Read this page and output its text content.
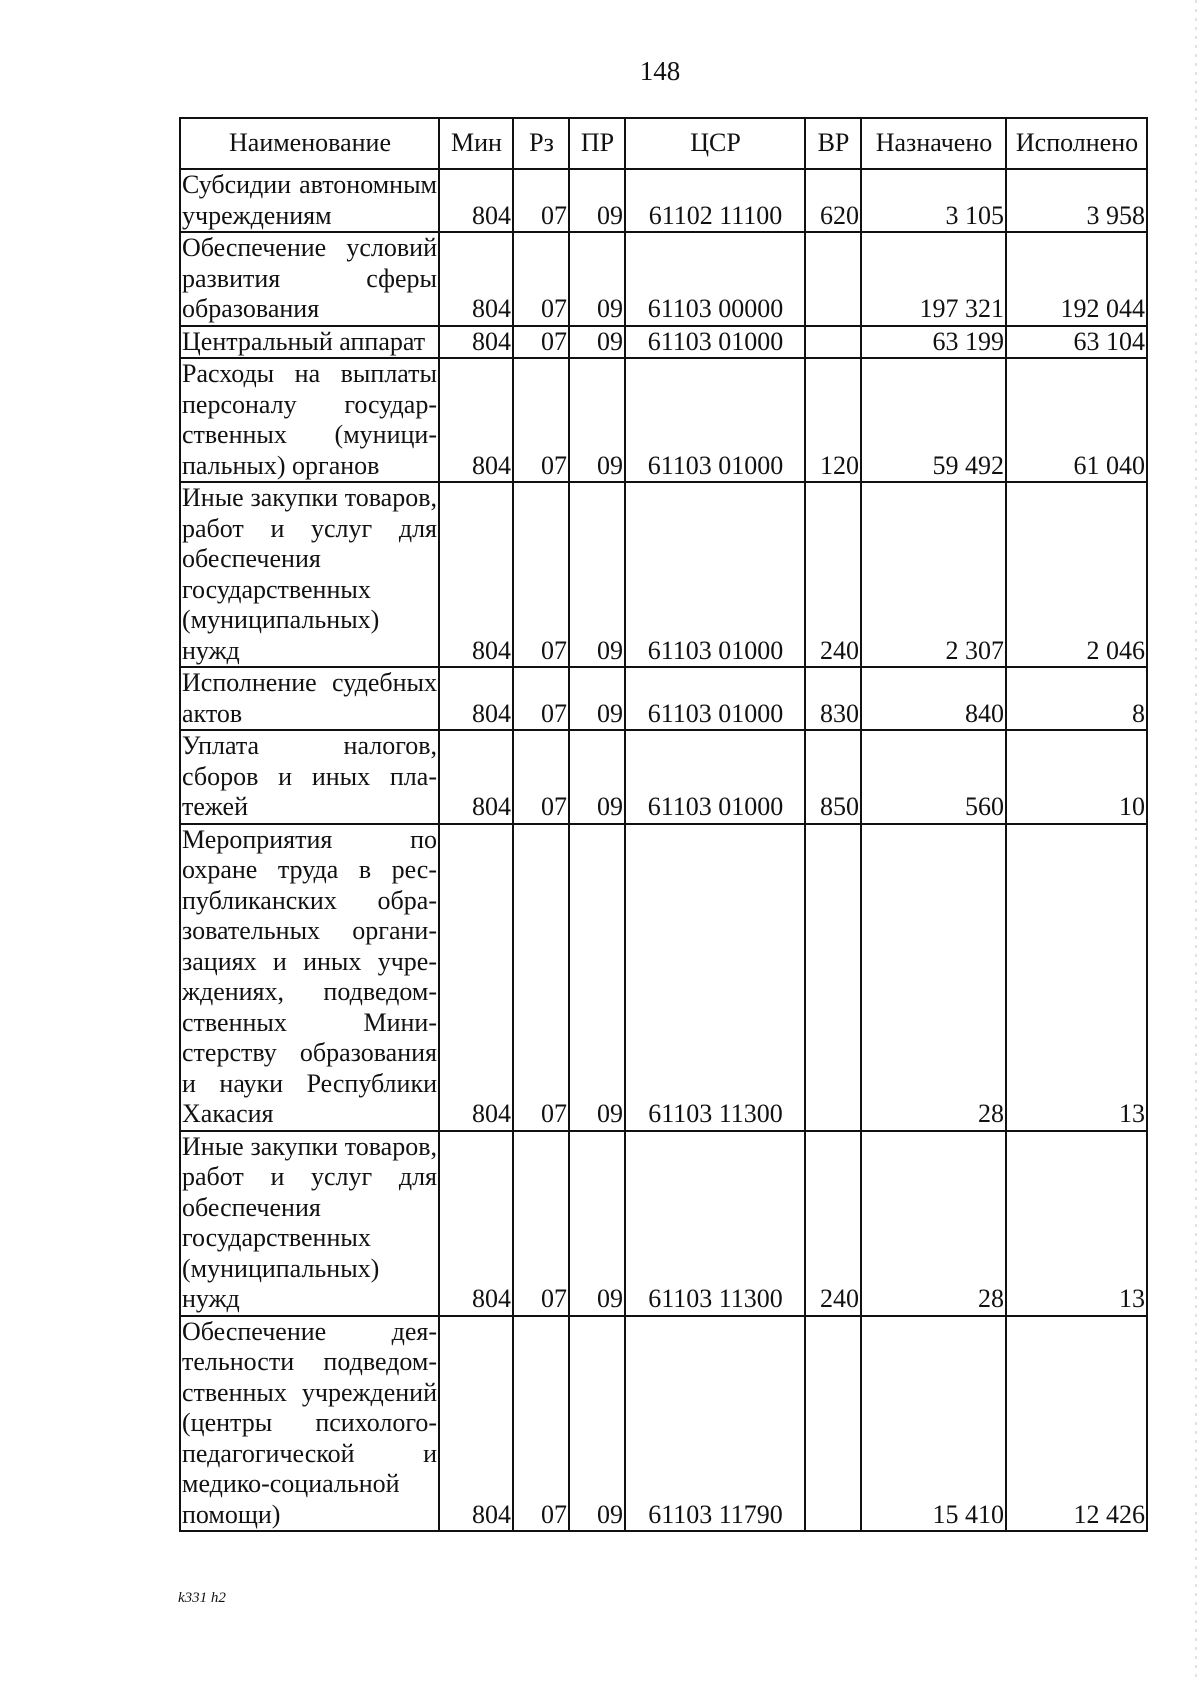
148
Наименование	Мин	Рз	ПР	ЦСР	ВР	Назначено	Исполнено
Субсидии автономным учреждениям	804	07	09	61102 11100	620	3 105	3 958
Обеспечение условий развития сферы образования	804	07	09	61103 00000		197 321	192 044
Центральный аппарат	804	07	09	61103 01000		63 199	63 104
Расходы на выплаты персоналу государственных (муниципальных) органов	804	07	09	61103 01000	120	59 492	61 040
Иные закупки товаров, работ и услуг для обеспечения государственных (муниципальных) нужд	804	07	09	61103 01000	240	2 307	2 046
Исполнение судебных актов	804	07	09	61103 01000	830	840	8
Уплата налогов, сборов и иных платежей	804	07	09	61103 01000	850	560	10
Мероприятия по охране труда в республиканских образовательных организациях и иных учреждениях, подведомственных Министерству образования и науки Республики Хакасия	804	07	09	61103 11300		28	13
Иные закупки товаров, работ и услуг для обеспечения государственных (муниципальных) нужд	804	07	09	61103 11300	240	28	13
Обеспечение деятельности подведомственных учреждений (центры психолого-педагогической и медико-социальной помощи)	804	07	09	61103 11790		15 410	12 426
k331 h2
